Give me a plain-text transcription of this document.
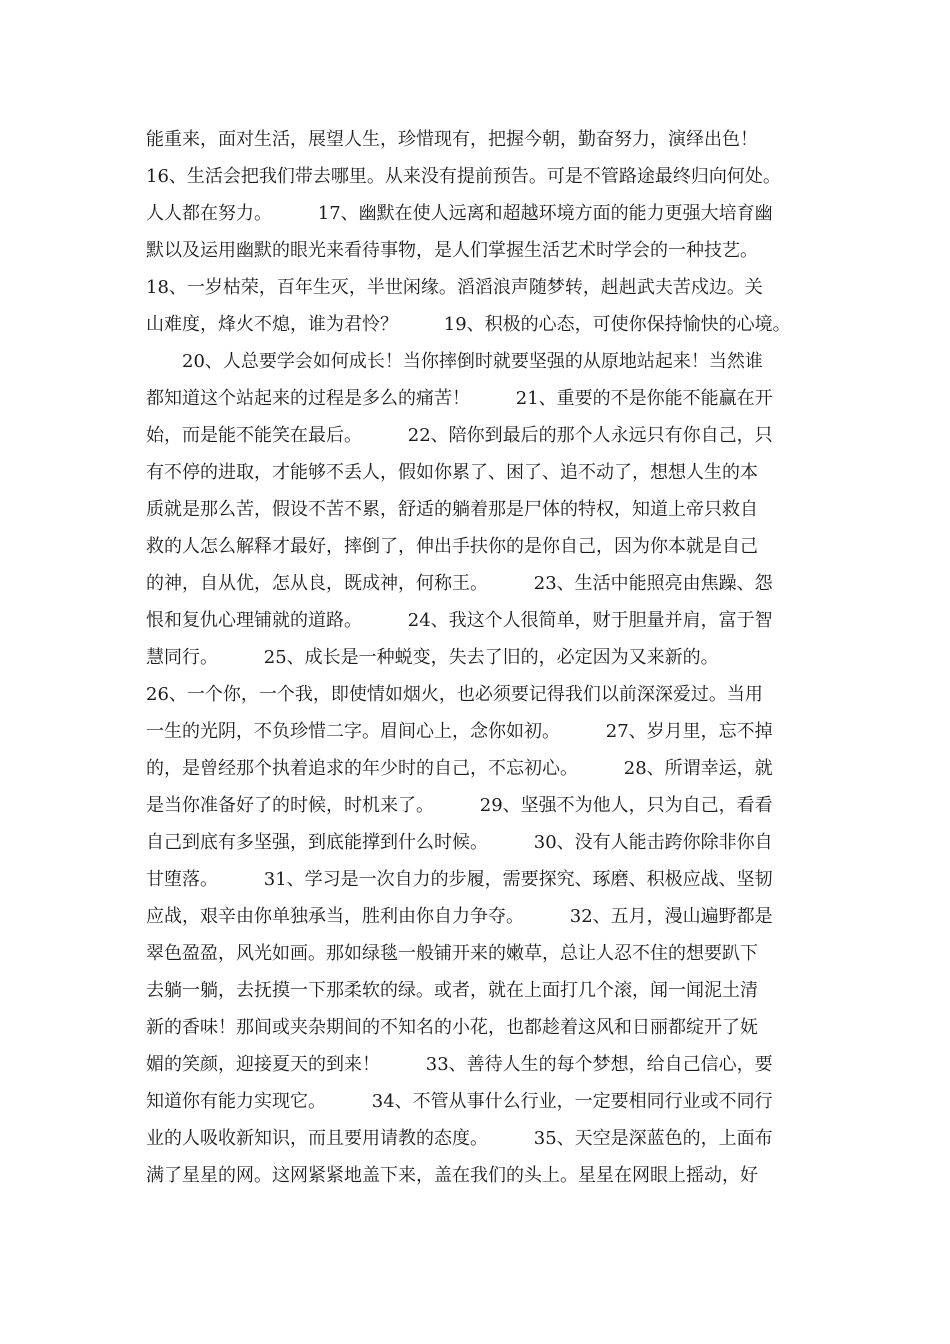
能重来，面对生活，展望人生，珍惜现有，把握今朝，勤奋努力，演绎出色！
16、生活会把我们带去哪里。从来没有提前预告。可是不管路途最终归向何处。
人人都在努力。        17、幽默在使人远离和超越环境方面的能力更强大培育幽
默以及运用幽默的眼光来看待事物，是人们掌握生活艺术时学会的一种技艺。
18、一岁枯荣，百年生灭，半世闲缘。滔滔浪声随梦转，赳赳武夫苦戍边。关
山难度，烽火不熄，谁为君怜？        19、积极的心态，可使你保持愉快的心境。
20、人总要学会如何成长！当你摔倒时就要坚强的从原地站起来！当然谁
都知道这个站起来的过程是多么的痛苦！        21、重要的不是你能不能赢在开
始，而是能不能笑在最后。        22、陪你到最后的那个人永远只有你自己，只
有不停的进取，才能够不丢人，假如你累了、困了、追不动了，想想人生的本
质就是那么苦，假设不苦不累，舒适的躺着那是尸体的特权，知道上帝只救自
救的人怎么解释才最好，摔倒了，伸出手扶你的是你自己，因为你本就是自己
的神，自从优，怎从良，既成神，何称王。        23、生活中能照亮由焦躁、怨
恨和复仇心理铺就的道路。        24、我这个人很简单，财于胆量并肩，富于智
慧同行。        25、成长是一种蜕变，失去了旧的，必定因为又来新的。
26、一个你，一个我，即使情如烟火，也必须要记得我们以前深深爱过。当用
一生的光阴，不负珍惜二字。眉间心上，念你如初。        27、岁月里，忘不掉
的，是曾经那个执着追求的年少时的自己，不忘初心。        28、所谓幸运，就
是当你准备好了的时候，时机来了。        29、坚强不为他人，只为自己，看看
自己到底有多坚强，到底能撑到什么时候。        30、没有人能击跨你除非你自
甘堕落。        31、学习是一次自力的步履，需要探究、琢磨、积极应战、坚韧
应战，艰辛由你单独承当，胜利由你自力争夺。        32、五月，漫山遍野都是
翠色盈盈，风光如画。那如绿毯一般铺开来的嫩草，总让人忍不住的想要趴下
去躺一躺，去抚摸一下那柔软的绿。或者，就在上面打几个滚，闻一闻泥土清
新的香味！那间或夹杂期间的不知名的小花，也都趁着这风和日丽都绽开了妩
媚的笑颜，迎接夏天的到来！        33、善待人生的每个梦想，给自己信心，要
知道你有能力实现它。        34、不管从事什么行业，一定要相同行业或不同行
业的人吸收新知识，而且要用请教的态度。        35、天空是深蓝色的，上面布
满了星星的网。这网紧紧地盖下来，盖在我们的头上。星星在网眼上摇动，好
